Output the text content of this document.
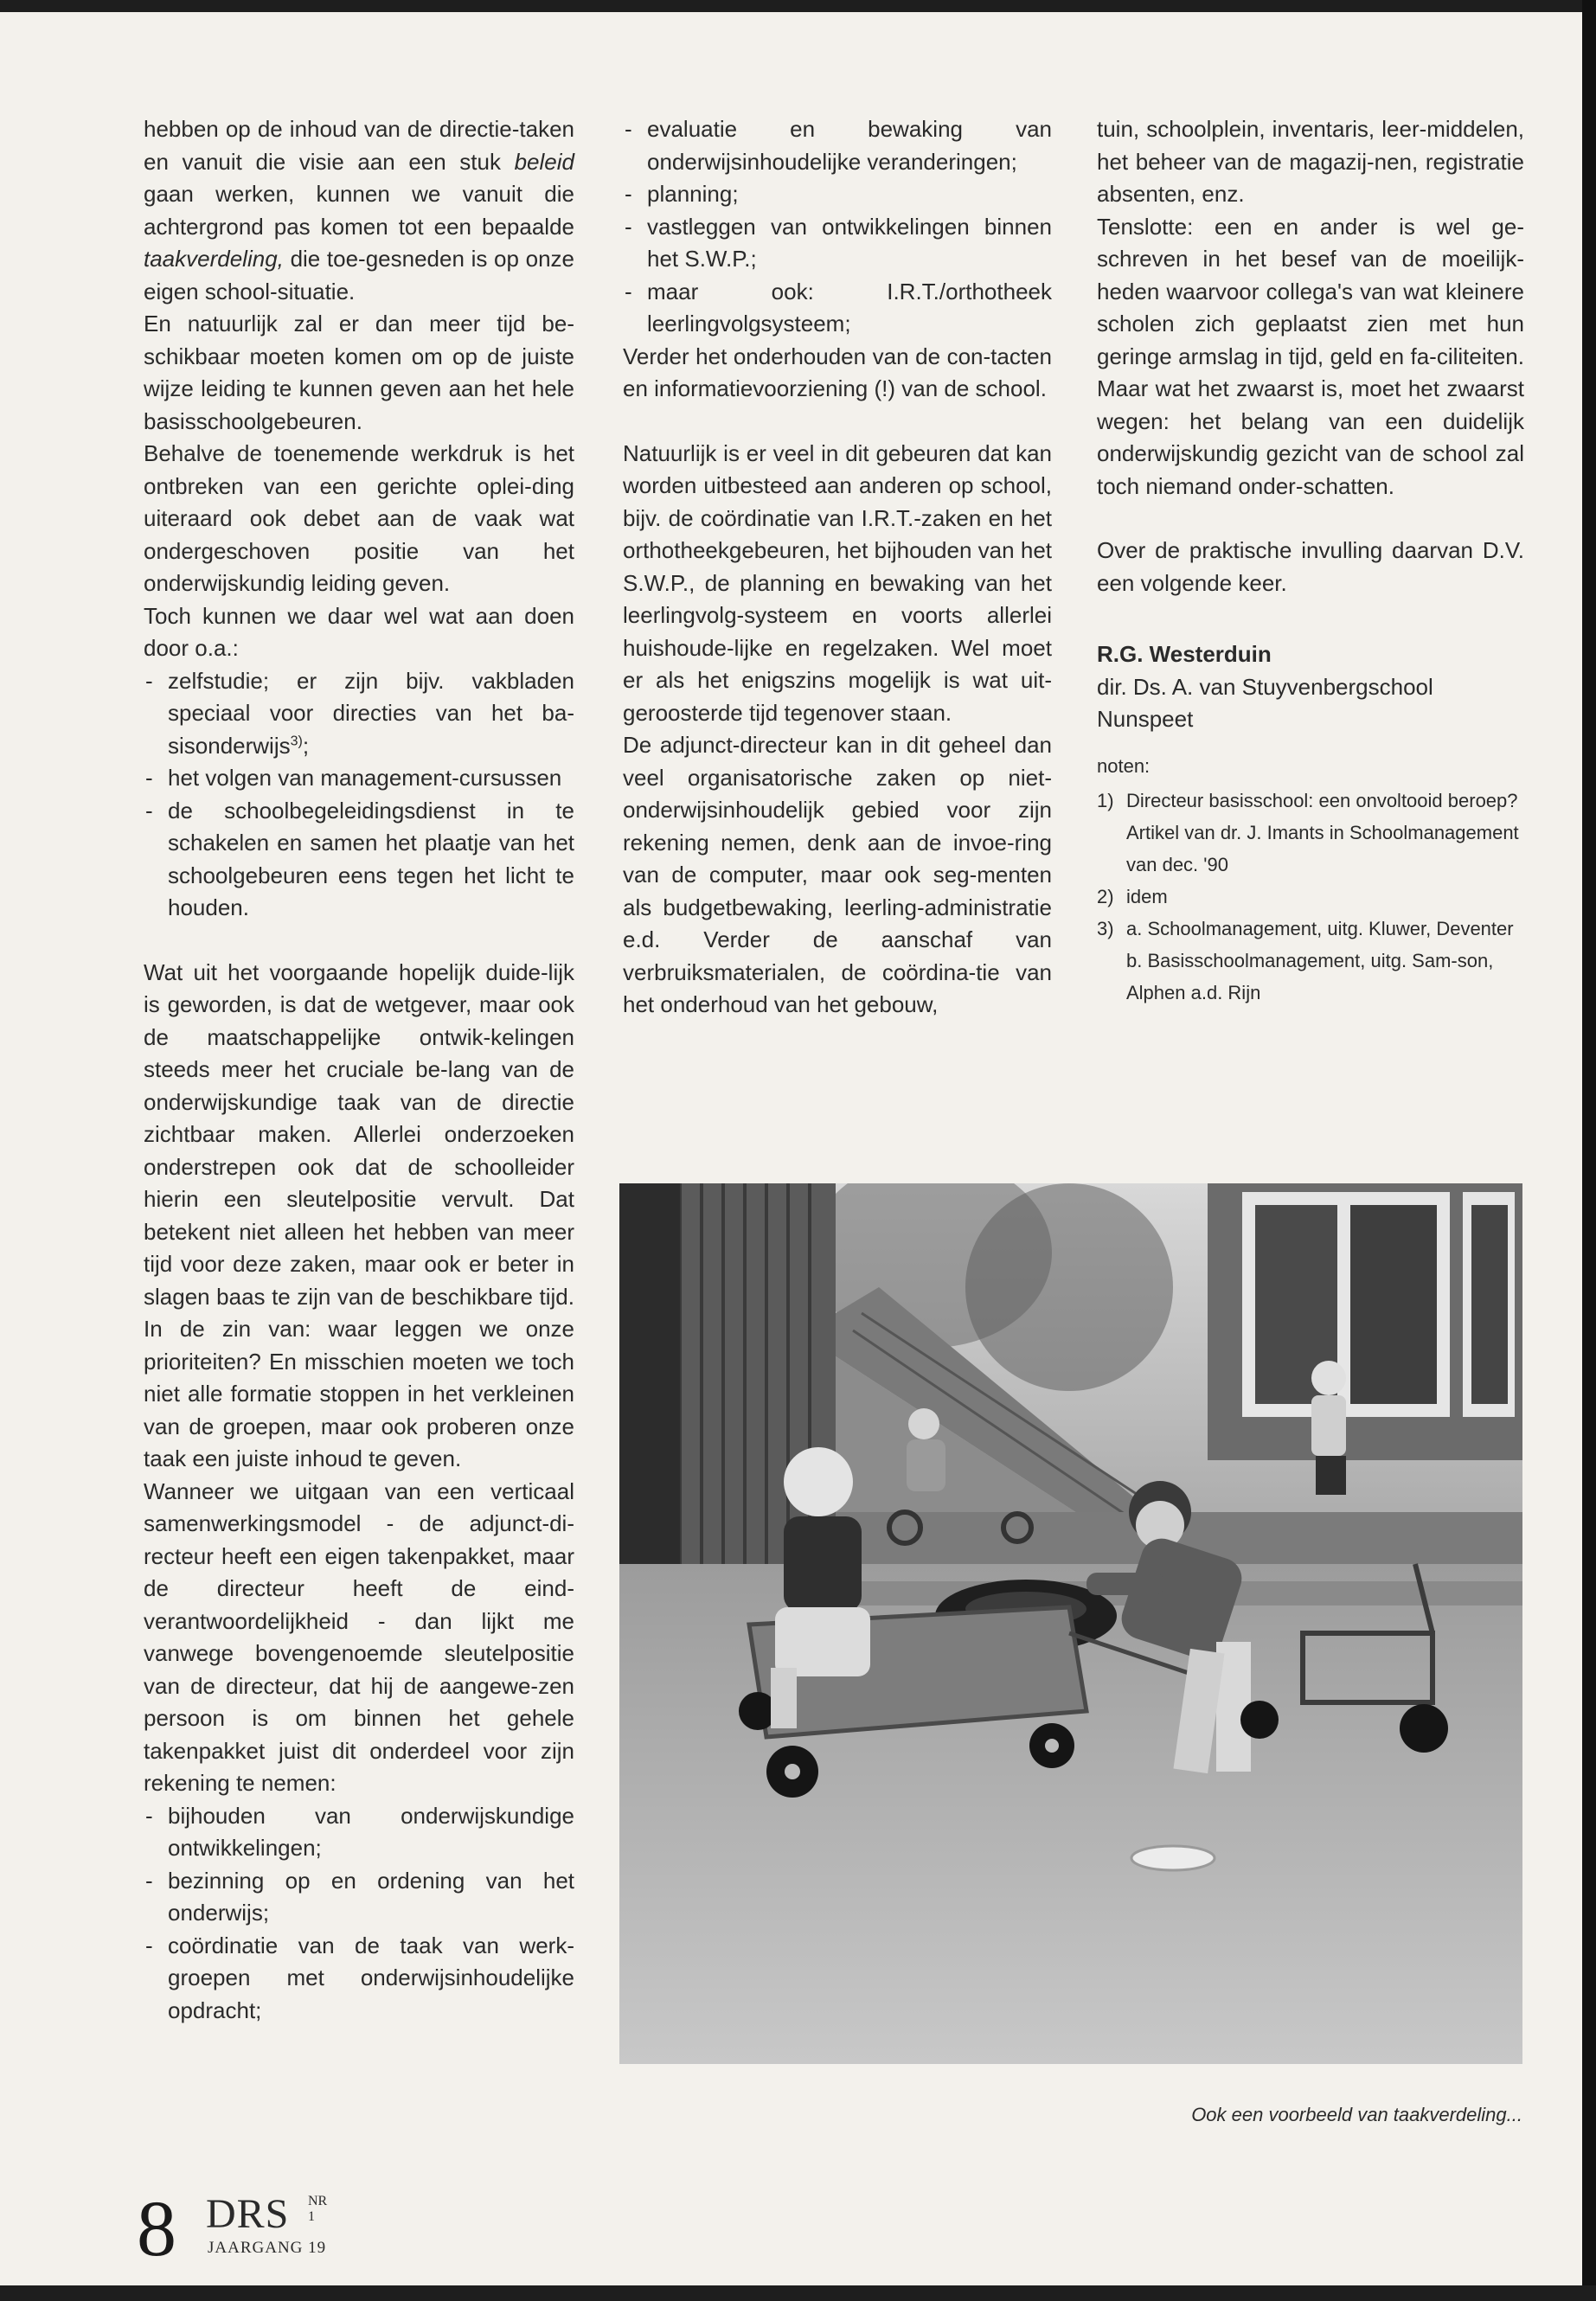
hebben op de inhoud van de directie-taken en vanuit die visie aan een stuk beleid gaan werken, kunnen we vanuit die achtergrond pas komen tot een bepaalde taakverdeling, die toe-gesneden is op onze eigen school-situatie.

En natuurlijk zal er dan meer tijd be-schikbaar moeten komen om op de juiste wijze leiding te kunnen geven aan het hele basisschoolgebeuren.

Behalve de toenemende werkdruk is het ontbreken van een gerichte oplei-ding uiteraard ook debet aan de vaak wat ondergeschoven positie van het onderwijskundig leiding geven.

Toch kunnen we daar wel wat aan doen door o.a.:

- zelfstudie; er zijn bijv. vakbladen speciaal voor directies van het ba-sisonderwijs$^{3)}$;
- het volgen van management-cursussen
- de schoolbegeleidingsdienst in te schakelen en samen het plaatje van het schoolgebeuren eens tegen het licht te houden.

Wat uit het voorgaande hopelijk duide-lijk is geworden, is dat de wetgever, maar ook de maatschappelijke ontwik-kelingen steeds meer het cruciale be-lang van de onderwijskundige taak van de directie zichtbaar maken. Allerlei onderzoeken onderstrepen ook dat de schoolleider hierin een sleutelpositie vervult. Dat betekent niet alleen het hebben van meer tijd voor deze zaken, maar ook er beter in slagen baas te zijn van de beschikbare tijd. In de zin van: waar leggen we onze prioriteiten? En misschien moeten we toch niet alle formatie stoppen in het verkleinen van de groepen, maar ook proberen onze taak een juiste inhoud te geven.

Wanneer we uitgaan van een verticaal samenwerkingsmodel - de adjunct-di-recteur heeft een eigen takenpakket, maar de directeur heeft de eind-verantwoordelijkheid - dan lijkt me vanwege bovengenoemde sleutelpositie van de directeur, dat hij de aangewe-zen persoon is om binnen het gehele takenpakket juist dit onderdeel voor zijn rekening te nemen:

- bijhouden van onderwijskundige ontwikkelingen;
- bezinning op en ordening van het onderwijs;
- coördinatie van de taak van werk-groepen met onderwijsinhoudelijke opdracht;
- evaluatie en bewaking van onderwijsinhoudelijke veranderingen;
- planning;
- vastleggen van ontwikkelingen binnen het S.W.P.;
- maar ook: I.R.T./orthotheek leerlingvolgsysteem;

Verder het onderhouden van de con-tacten en informatievoorziening (!) van de school.

Natuurlijk is er veel in dit gebeuren dat kan worden uitbesteed aan anderen op school, bijv. de coördinatie van I.R.T.-zaken en het orthotheekgebeuren, het bijhouden van het S.W.P., de planning en bewaking van het leerlingvolg-systeem en voorts allerlei huishoude-lijke en regelzaken. Wel moet er als het enigszins mogelijk is wat uit-geroosterde tijd tegenover staan.

De adjunct-directeur kan in dit geheel dan veel organisatorische zaken op niet-onderwijsinhoudelijk gebied voor zijn rekening nemen, denk aan de invoe-ring van de computer, maar ook seg-menten als budgetbewaking, leerling-administratie e.d. Verder de aanschaf van verbruiksmaterialen, de coördina-tie van het onderhoud van het gebouw,

tuin, schoolplein, inventaris, leer-middelen, het beheer van de magazij-nen, registratie absenten, enz.

Tenslotte: een en ander is wel ge-schreven in het besef van de moeilijk-heden waarvoor collega's van wat kleinere scholen zich geplaatst zien met hun geringe armslag in tijd, geld en fa-ciliteiten. Maar wat het zwaarst is, moet het zwaarst wegen: het belang van een duidelijk onderwijskundig gezicht van de school zal toch niemand onder-schatten.

Over de praktische invulling daarvan D.V. een volgende keer.

R.G. Westerduin
dir. Ds. A. van Stuyvenbergschool
Nunspeet
noten:
1) Directeur basisschool: een onvoltooid beroep? Artikel van dr. J. Imants in Schoolmanagement van dec. '90
2) idem
3) a. Schoolmanagement, uitg. Kluwer, Deventer
b. Basisschoolmanagement, uitg. Sam-son, Alphen a.d. Rijn
Ook een voorbeeld van taakverdeling...
8 DRS NR 1
JAARGANG 19
